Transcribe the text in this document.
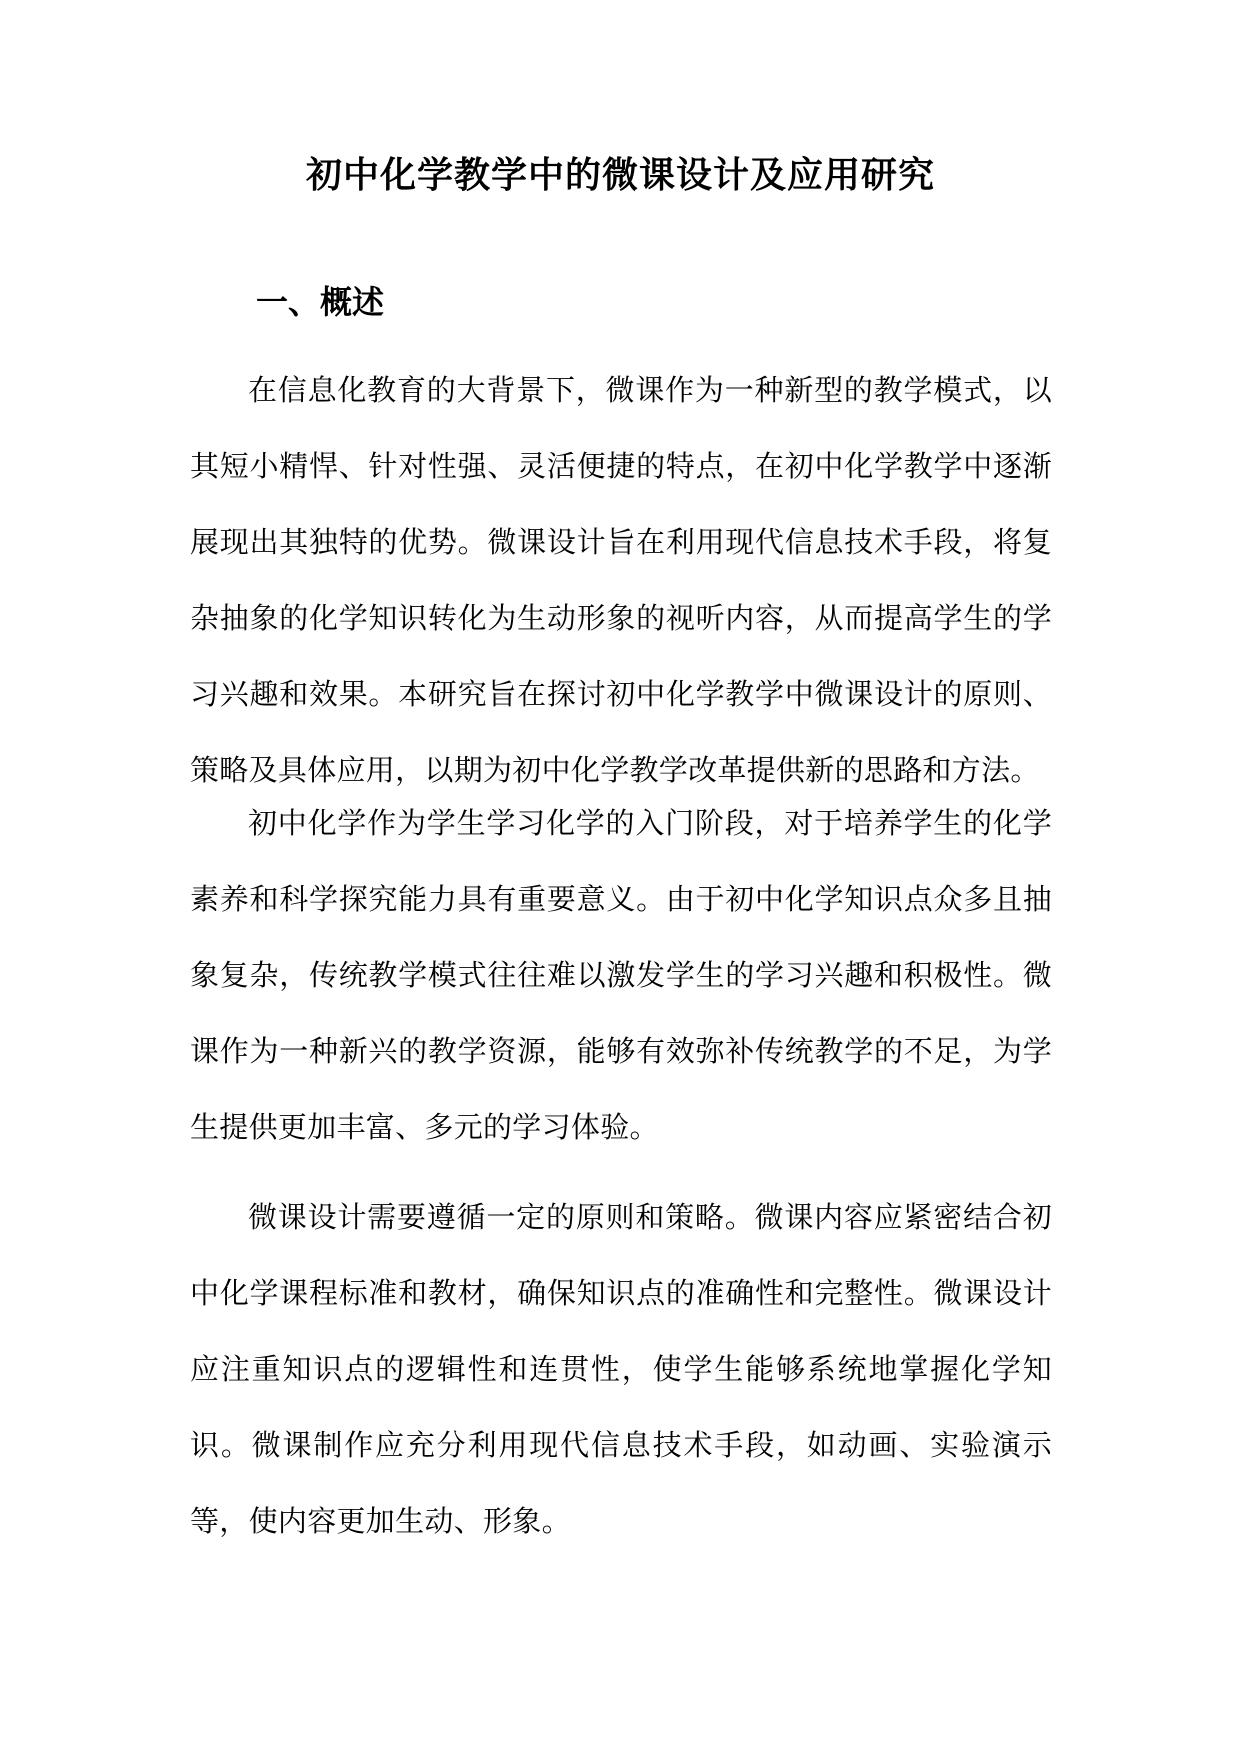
初中化学教学中的微课设计及应用研究
一、概述

在信息化教育的大背景下，微课作为一种新型的教学模式，以其短小精悍、针对性强、灵活便捷的特点，在初中化学教学中逐渐展现出其独特的优势。微课设计旨在利用现代信息技术手段，将复杂抽象的化学知识转化为生动形象的视听内容，从而提高学生的学习兴趣和效果。本研究旨在探讨初中化学教学中微课设计的原则、策略及具体应用，以期为初中化学教学改革提供新的思路和方法。

初中化学作为学生学习化学的入门阶段，对于培养学生的化学素养和科学探究能力具有重要意义。由于初中化学知识点众多且抽象复杂，传统教学模式往往难以激发学生的学习兴趣和积极性。微课作为一种新兴的教学资源，能够有效弥补传统教学的不足，为学生提供更加丰富、多元的学习体验。

微课设计需要遵循一定的原则和策略。微课内容应紧密结合初中化学课程标准和教材，确保知识点的准确性和完整性。微课设计应注重知识点的逻辑性和连贯性，使学生能够系统地掌握化学知识。微课制作应充分利用现代信息技术手段，如动画、实验演示等，使内容更加生动、形象。
